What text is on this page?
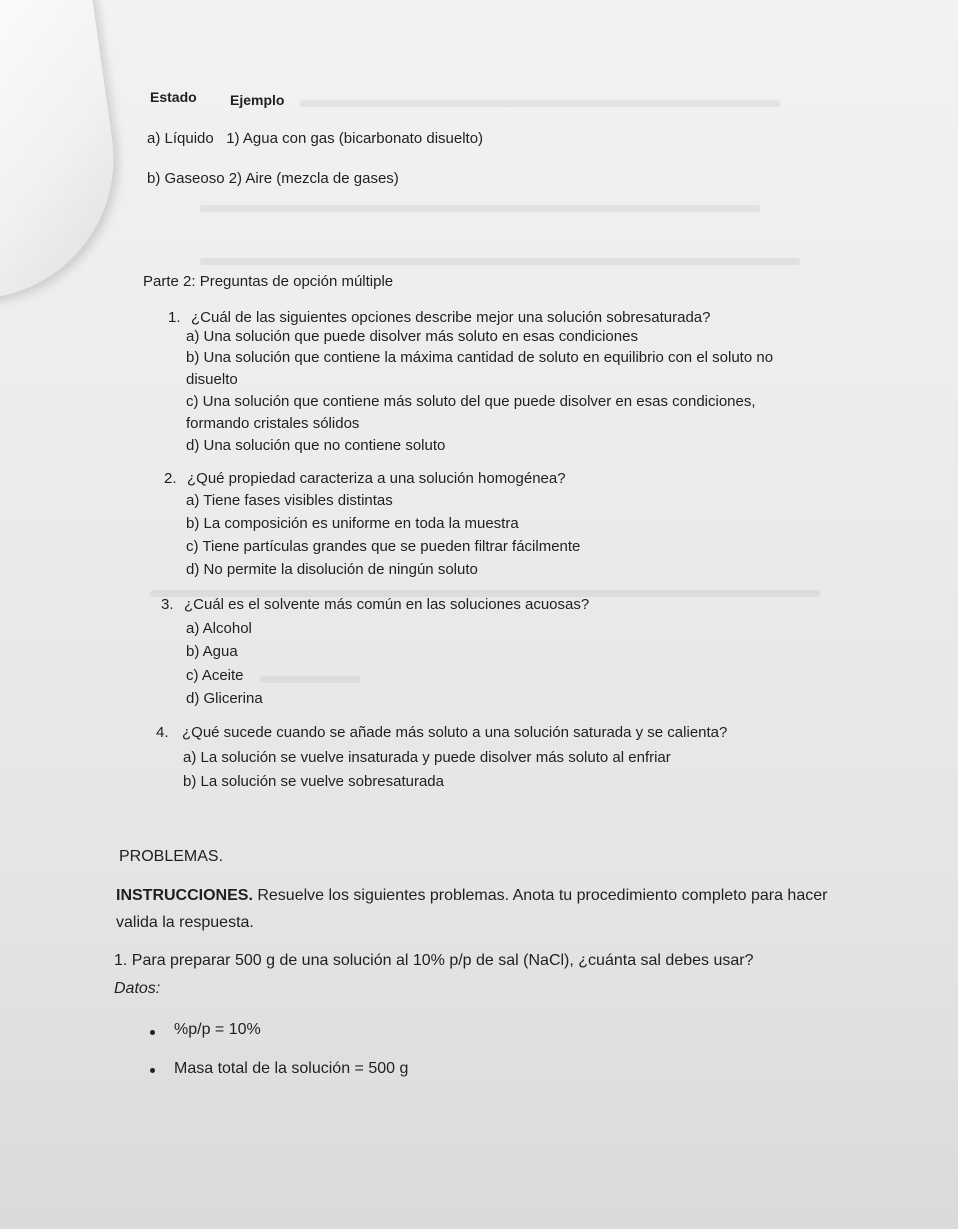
Estado Ejemplo
a) Líquido   1) Agua con gas (bicarbonato disuelto)
b) Gaseoso 2) Aire (mezcla de gases)
Parte 2: Preguntas de opción múltiple
1. ¿Cuál de las siguientes opciones describe mejor una solución sobresaturada?
a) Una solución que puede disolver más soluto en esas condiciones
b) Una solución que contiene la máxima cantidad de soluto en equilibrio con el soluto no
disuelto
c) Una solución que contiene más soluto del que puede disolver en esas condiciones,
formando cristales sólidos
d) Una solución que no contiene soluto
2. ¿Qué propiedad caracteriza a una solución homogénea?
a) Tiene fases visibles distintas
b) La composición es uniforme en toda la muestra
c) Tiene partículas grandes que se pueden filtrar fácilmente
d) No permite la disolución de ningún soluto
3. ¿Cuál es el solvente más común en las soluciones acuosas?
a) Alcohol
b) Agua
c) Aceite
d) Glicerina
4. ¿Qué sucede cuando se añade más soluto a una solución saturada y se calienta?
a) La solución se vuelve insaturada y puede disolver más soluto al enfriar
b) La solución se vuelve sobresaturada
PROBLEMAS.
INSTRUCCIONES. Resuelve los siguientes problemas. Anota tu procedimiento completo para hacer
valida la respuesta.
1. Para preparar 500 g de una solución al 10% p/p de sal (NaCl), ¿cuánta sal debes usar?
Datos:
%p/p = 10%
Masa total de la solución = 500 g
